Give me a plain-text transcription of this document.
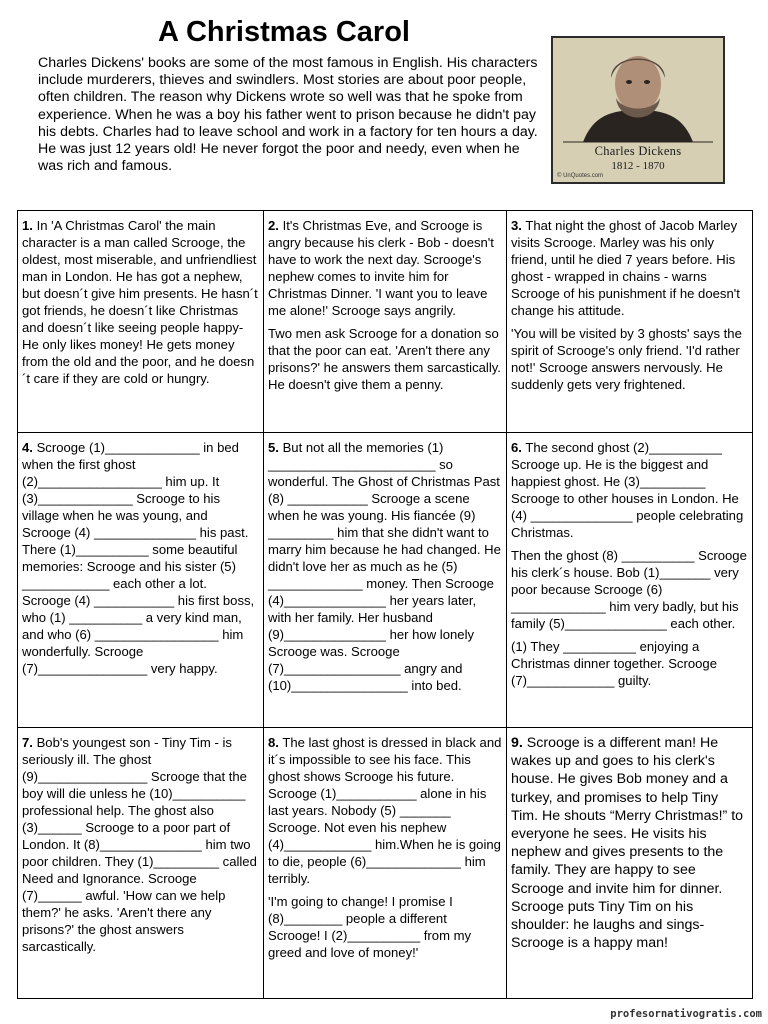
A Christmas Carol

Charles Dickens' books are some of the most famous in English. His characters include murderers, thieves and swindlers. Most stories are about poor people, often children. The reason why Dickens wrote so well was that he spoke from experience. When he was a boy his father went to prison because he didn't pay his debts. Charles had to leave school and work in a factory for ten hours a day. He was just 12 years old! He never forgot the poor and needy, even when he was rich and famous.

Charles Dickens
1812 - 1870
© UnQuotes.com

1. In 'A Christmas Carol' the main character is a man called Scrooge, the oldest, most miserable, and unfriendliest man in London. He has got a nephew, but doesn´t give him presents. He hasn´t got friends, he doesn´t like Christmas and doesn´t like seeing people happy- He only likes money! He gets money from the old and the poor, and he doesn´t care if they are cold or hungry.

2. It's Christmas Eve, and Scrooge is angry because his clerk - Bob - doesn't have to work the next day. Scrooge's nephew comes to invite him for Christmas Dinner. 'I want you to leave me alone!' Scrooge says angrily.

Two men ask Scrooge for a donation so that the poor can eat. 'Aren't there any prisons?' he answers them sarcastically. He doesn't give them a penny.

3. That night the ghost of Jacob Marley visits Scrooge. Marley was his only friend, until he died 7 years before. His ghost - wrapped in chains - warns Scrooge of his punishment if he doesn't change his attitude.

'You will be visited by 3 ghosts' says the spirit of Scrooge's only friend. 'I'd rather not!' Scrooge answers nervously. He suddenly gets very frightened.

4. Scrooge (1)_____________ in bed when the first ghost (2)_________________ him up. It (3)_____________ Scrooge to his village when he was young, and Scrooge (4) ______________ his past. There (1)__________ some beautiful memories: Scrooge and his sister (5) ____________ each other a lot. Scrooge (4) ___________ his first boss, who (1) __________ a very kind man, and who (6) _________________ him wonderfully. Scrooge (7)_______________ very happy.

5. But not all the memories (1) _______________________ so wonderful. The Ghost of Christmas Past (8) ___________ Scrooge a scene when he was young. His fiancée (9) _________ him that she didn't want to marry him because he had changed. He didn't love her as much as he (5) _____________ money. Then Scrooge (4)______________ her years later, with her family. Her husband (9)______________ her how lonely Scrooge was. Scrooge (7)________________ angry and (10)________________ into bed.

6. The second ghost (2)__________ Scrooge up. He is the biggest and happiest ghost. He (3)_________ Scrooge to other houses in London. He (4) ______________ people celebrating Christmas.

Then the ghost (8) __________ Scrooge his clerk´s house. Bob (1)_______ very poor because Scrooge (6) _____________ him very badly, but his family (5)______________ each other.

(1) They __________ enjoying a Christmas dinner together. Scrooge (7)____________ guilty.

7. Bob's youngest son - Tiny Tim - is seriously ill. The ghost (9)_______________ Scrooge that the boy will die unless he (10)__________ professional help. The ghost also (3)______ Scrooge to a poor part of London. It (8)______________ him two poor children. They (1)_________ called Need and Ignorance. Scrooge (7)______ awful. 'How can we help them?' he asks. 'Aren't there any prisons?' the ghost answers sarcastically.

8. The last ghost is dressed in black and it´s impossible to see his face. This ghost shows Scrooge his future. Scrooge (1)___________ alone in his last years. Nobody (5) _______ Scrooge. Not even his nephew (4)____________ him.When he is going to die, people (6)_____________ him terribly.

'I'm going to change! I promise I (8)________ people a different Scrooge! I (2)__________ from my greed and love of money!'

9. Scrooge is a different man! He wakes up and goes to his clerk's house. He gives Bob money and a turkey, and promises to help Tiny Tim. He shouts “Merry Christmas!” to everyone he sees. He visits his nephew and gives presents to the family. They are happy to see Scrooge and invite him for dinner. Scrooge puts Tiny Tim on his shoulder: he laughs and sings- Scrooge is a happy man!

profesornativogratis.com
